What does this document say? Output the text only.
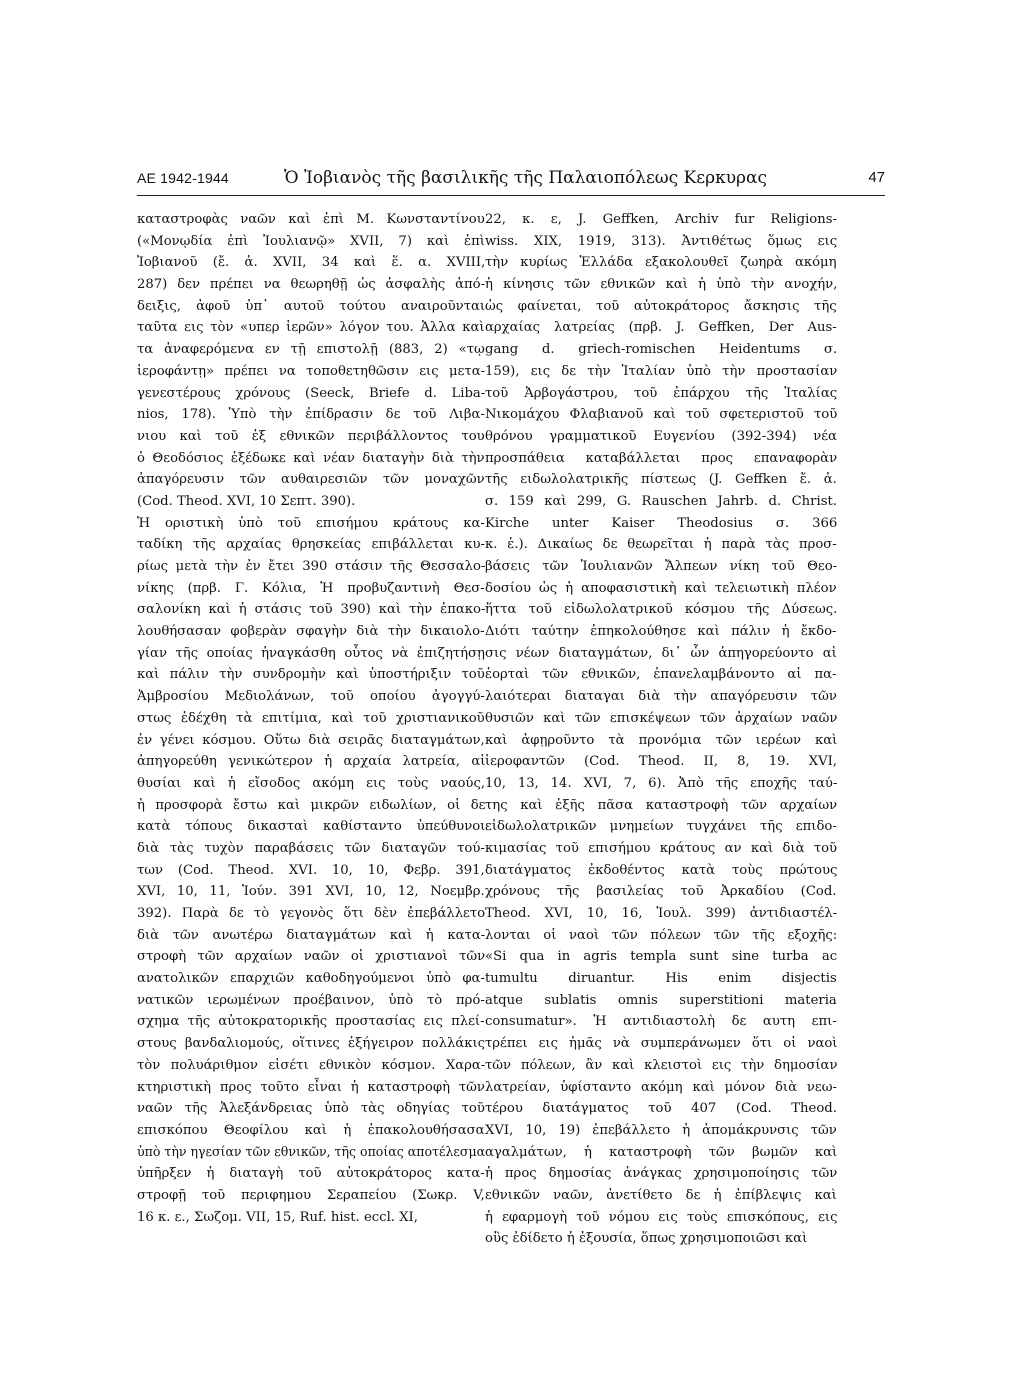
ΑΕ 1942-1944	Ὁ Ἰοβιανὸς τῆς βασιλικῆς τῆς Παλαιοπόλεως Κερκυρας	47
καταστροφὰς ναῶν καὶ ἐπὶ Μ. Κωνσταντίνου
(«Μονῳδία ἐπὶ Ἰουλιανῷ» XVII, 7) καὶ ἐπὶ
Ἰοβιανοῦ (ἔ. ἀ. XVII, 34 καὶ ἕ. α. XVIII,
287) δεν πρέπει να θεωρηθῇ ὡς ἀσφαλὴς ἀπό-
δειξις, ἀφοῦ ὑπ᾽ αυτοῦ τούτου αναιροῦνται
ταῦτα εις τὸν «υπερ ἱερῶν» λόγον του. Ἀλλα καὶ
τα ἀναφερόμενα εν τῇ επιστολῇ (883, 2) «τῳ
ἱεροφάντῃ» πρέπει να τοποθετηθῶσιν εις μετα-
γενεστέρους χρόνους (Seeck, Briefe d. Liba-
nios, 178). Ὑπὸ τὴν ἐπίδρασιν δε τοῦ Λιβα-
νιου καὶ τοῦ ἐξ εθνικῶν περιβάλλοντος του
ὁ Θεοδόσιος ἐξέδωκε καὶ νέαν διαταγὴν διὰ τὴν
ἀπαγόρευσιν τῶν αυθαιρεσιῶν τῶν μοναχῶν
(Cod. Theod. XVI, 10 Σεπτ. 390).
Ἡ οριστικὴ ὑπὸ τοῦ επισήμου κράτους κα-
ταδίκη τῆς αρχαίας θρησκείας επιβάλλεται κυ-
ρίως μετὰ τὴν ἐν ἔτει 390 στάσιν τῆς Θεσσαλο-
νίκης (πρβ. Γ. Κόλια, Ἡ προβυζαντινὴ Θεσ-
σαλονίκη καὶ ἡ στάσις τοῦ 390) καὶ τὴν ἐπακο-
λουθήσασαν φοβερὰν σφαγὴν διὰ τὴν δικαιολο-
γίαν τῆς οποίας ἠναγκάσθη οὗτος νὰ ἐπιζητήσῃ
καὶ πάλιν τὴν συνδρομὴν καὶ ὑποστήριξιν τοῦ
Ἀμβροσίου Μεδιολάνων, τοῦ οποίου ἀγογγύ-
στως ἐδέχθη τὰ επιτίμια, καὶ τοῦ χριστιανικοῦ
ἐν γένει κόσμου. Οὕτω διὰ σειρᾶς διαταγμάτων,
ἀπηγορεύθη γενικώτερον ἡ αρχαία λατρεία, αἱ
θυσίαι καὶ ἡ εἴσοδος ακόμη εις τοὺς ναούς,
ἡ προσφορὰ ἔστω καὶ μικρῶν ειδωλίων, οἱ δε
κατὰ τόπους δικασταὶ καθίσταντο ὑπεύθυνοι
διὰ τὰς τυχὸν παραβάσεις τῶν διαταγῶν τού-
των (Cod. Theod. XVI. 10, 10, Φεβρ. 391,
XVI, 10, 11, Ἰούν. 391 XVI, 10, 12, Νοεμβρ.
392). Παρὰ δε τὸ γεγονὸς ὅτι δὲν ἐπεβάλλετο
διὰ τῶν ανωτέρω διαταγμάτων καὶ ἡ κατα-
στροφὴ τῶν αρχαίων ναῶν οἱ χριστιανοὶ τῶν
ανατολικῶν επαρχιῶν καθοδηγούμενοι ὑπὸ φα-
νατικῶν ιερωμένων προέβαινον, ὑπὸ τὸ πρό-
σχημα τῆς αὐτοκρατορικῆς προστασίας εις πλεί-
στους βανδαλιομούς, οἵτινες ἐξήγειρον πολλάκις
τὸν πολυάριθμον εἰσέτι εθνικὸν κόσμον. Χαρα-
κτηριστικὴ προς τοῦτο εἶναι ἡ καταστροφὴ τῶν
ναῶν τῆς Ἀλεξάνδρειας ὑπὸ τὰς οδηγίας τοῦ
επισκόπου Θεοφίλου καὶ ἡ ἐπακολουθήσασα
ὑπὸ τὴν ηγεσίαν τῶν εθνικῶν, τῆς οποίας αποτέλεσμα
ὑπῆρξεν ἡ διαταγὴ τοῦ αὐτοκράτορος κατα-
στροφῇ τοῦ περιφημου Σεραπείου (Σωκρ. V,
16 κ. ε., Σωζομ. VII, 15, Ruf. hist. eccl. XI,
22, κ. ε, J. Geffken, Archiv fur Religions-
wiss. XIX, 1919, 313). Ἀντιθέτως ὅμως εις
τὴν κυρίως Ἑλλάδα εξακολουθεῖ ζωηρὰ ακόμη
ἡ κίνησις τῶν εθνικῶν καὶ ἡ ὑπὸ τὴν ανοχήν,
ὡς φαίνεται, τοῦ αὐτοκράτορος ἄσκησις τῆς
αρχαίας λατρείας (πρβ. J. Geffken, Der Aus-
gang d. griech-romischen Heidentums σ.
159), εις δε τὴν Ἰταλίαν ὑπὸ τὴν προστασίαν
τοῦ Ἀρβογάστρου, τοῦ ἐπάρχου τῆς Ἰταλίας
Νικομάχου Φλαβιανοῦ καὶ τοῦ σφετεριστοῦ τοῦ
θρόνου γραμματικοῦ Ευγενίου (392-394) νέα
προσπάθεια καταβάλλεται προς επαναφορὰν
τῆς ειδωλολατρικῆς πίστεως (J. Geffken ἔ. ἀ.
σ. 159 καὶ 299, G. Rauschen Jahrb. d. Christ.
Kirche unter Kaiser Theodosius σ. 366
κ. ἑ.). Δικαίως δε θεωρεῖται ἡ παρὰ τὰς προσ-
βάσεις τῶν Ἰουλιανῶν Ἄλπεων νίκη τοῦ Θεο-
δοσίου ὡς ἡ αποφασιστικὴ καὶ τελειωτικὴ πλέον
ἥττα τοῦ εἰδωλολατρικοῦ κόσμου τῆς Δύσεως.
Διότι ταύτην ἐπηκολούθησε καὶ πάλιν ἡ ἔκδο-
σις νέων διαταγμάτων, δι᾽ ὧν ἀπηγορεύοντο αἱ
ἑορταὶ τῶν εθνικῶν, ἐπανελαμβάνοντο αἱ πα-
λαιότεραι διαταγαι διὰ τὴν απαγόρευσιν τῶν
θυσιῶν καὶ τῶν επισκέψεων τῶν ἀρχαίων ναῶν
καὶ ἀφῃροῦντο τὰ προνόμια τῶν ιερέων καὶ
ἱεροφαντῶν (Cod. Theod. II, 8, 19. XVI,
10, 13, 14. XVI, 7, 6). Ἀπὸ τῆς εποχῆς ταύ-
της καὶ ἑξῆς πᾶσα καταστροφὴ τῶν αρχαίων
εἰδωλολατρικῶν μνημείων τυγχάνει τῆς επιδο-
κιμασίας τοῦ επισήμου κράτους αν καὶ διὰ τοῦ
διατάγματος ἐκδοθέντος κατὰ τοὺς πρώτους
χρόνους τῆς βασιλείας τοῦ Ἀρκαδίου (Cod.
Theod. XVI, 10, 16, Ἰουλ. 399) ἀντιδιαστέλ-
λονται οἱ ναοὶ τῶν πόλεων τῶν τῆς εξοχῆς:
«Si qua in agris templa sunt sine turba ac
tumultu diruantur. His enim disjectis
atque sublatis omnis superstitioni materia
consumatur». Ἡ αντιδιαστολὴ δε αυτη επι-
τρέπει εις ἡμᾶς νὰ συμπεράνωμεν ὅτι οἱ ναοὶ
τῶν πόλεων, ἂν καὶ κλειστοὶ εις τὴν δημοσίαν
λατρείαν, ὑφίσταντο ακόμη καὶ μόνον διὰ νεω-
τέρου διατάγματος τοῦ 407 (Cod. Theod.
XVI, 10, 19) ἐπεβάλλετο ἡ ἀπομάκρυνσις τῶν
αγαλμάτων, ἡ καταστροφὴ τῶν βωμῶν καὶ
ἡ προς δημοσίας ἀνάγκας χρησιμοποίησις τῶν
εθνικῶν ναῶν, ἀνετίθετο δε ἡ ἐπίβλεψις καὶ
ἡ εφαρμογὴ τοῦ νόμου εις τοὺς επισκόπους, εις
οὓς ἐδίδετο ἡ ἐξουσία, ὅπως χρησιμοποιῶσι καὶ
